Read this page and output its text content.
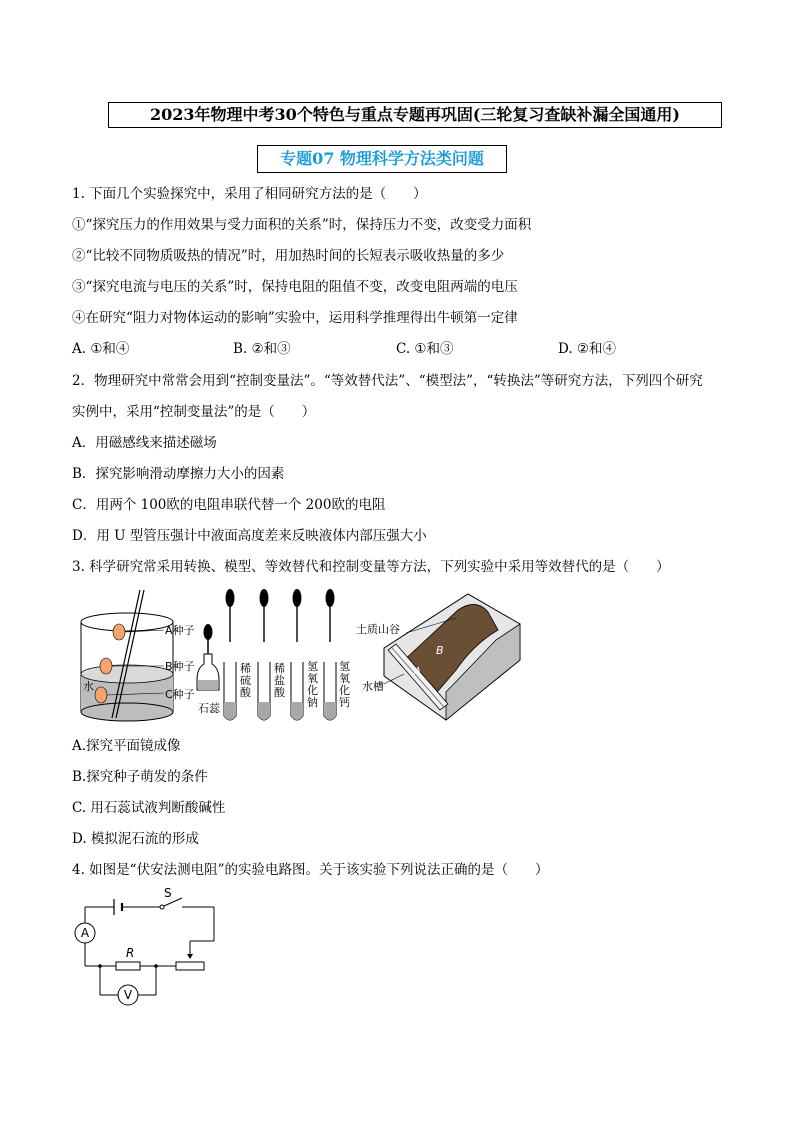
2023年物理中考30个特色与重点专题再巩固(三轮复习查缺补漏全国通用)
专题07 物理科学方法类问题
1. 下面几个实验探究中，采用了相同研究方法的是（　　）
①“探究压力的作用效果与受力面积的关系”时，保持压力不变，改变受力面积
②“比较不同物质吸热的情况”时，用加热时间的长短表示吸收热量的多少
③“探究电流与电压的关系”时，保持电阻的阻值不变，改变电阻两端的电压
④在研究“阻力对物体运动的影响”实验中，运用科学推理得出牛顿第一定律
A. ①和④	B. ②和③	C. ①和③	D. ②和④
2．物理研究中常常会用到“控制变量法”。“等效替代法”、“模型法”，“转换法”等研究方法，下列四个研究
实例中，采用“控制变量法”的是（　　）
A．用磁感线来描述磁场
B．探究影响滑动摩擦力大小的因素
C．用两个 100欧的电阻串联代替一个 200欧的电阻
D．用 U 型管压强计中液面高度差来反映液体内部压强大小
3. 科学研究常采用转换、模型、等效替代和控制变量等方法，下列实验中采用等效替代的是（　　）
A种子
B种子
C种子
水
石蕊
稀
硫
酸
稀
盐
酸
氢
氧
化
钠
氢
氧
化
钙
土质山谷
B
A
水槽
A.探究平面镜成像
B.探究种子萌发的条件
C. 用石蕊试液判断酸碱性
D. 模拟泥石流的形成
4. 如图是“伏安法测电阻”的实验电路图。关于该实验下列说法正确的是（　　）
S
A
R
V
